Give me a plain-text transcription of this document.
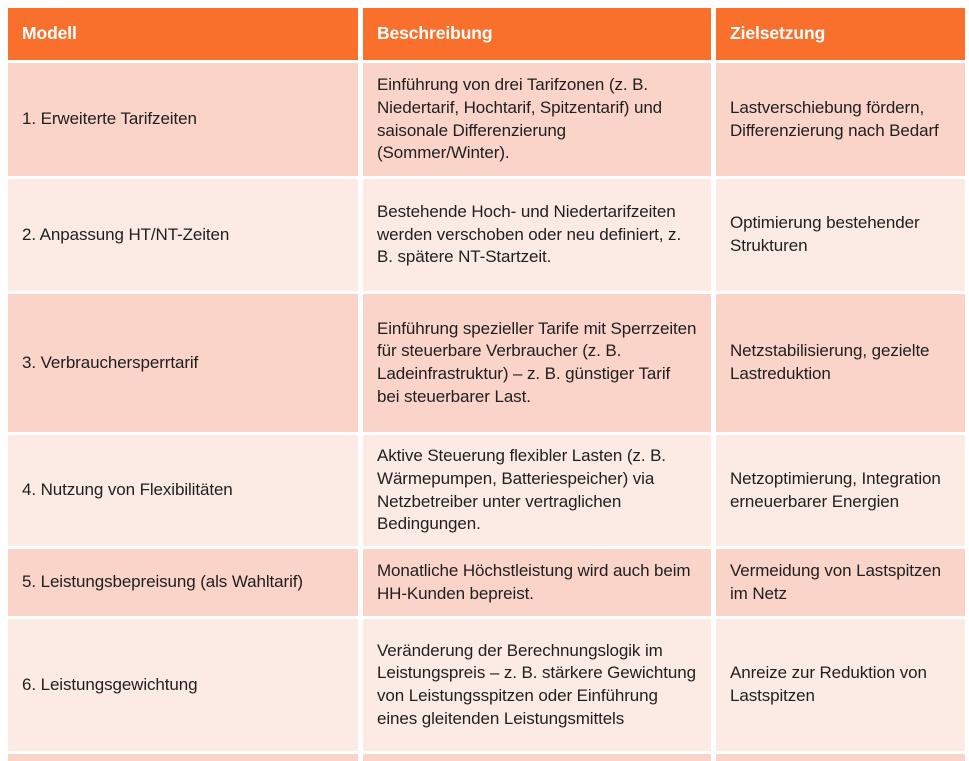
Modell	Beschreibung	Zielsetzung
1. Erweiterte Tarifzeiten
Einführung von drei Tarifzonen (z. B. Niedertarif, Hochtarif, Spitzentarif) und saisonale Differenzierung (Sommer/Winter).
Lastverschiebung fördern, Differenzierung nach Bedarf
2. Anpassung HT/NT-Zeiten
Bestehende Hoch- und Niedertarifzeiten werden verschoben oder neu definiert, z. B. spätere NT-Startzeit.
Optimierung bestehender Strukturen
3. Verbrauchersperrtarif
Einführung spezieller Tarife mit Sperrzeiten für steuerbare Verbraucher (z. B. Ladeinfrastruktur) – z. B. günstiger Tarif bei steuerbarer Last.
Netzstabilisierung, gezielte Lastreduktion
4. Nutzung von Flexibilitäten
Aktive Steuerung flexibler Lasten (z. B. Wärmepumpen, Batteriespeicher) via Netzbetreiber unter vertraglichen Bedingungen.
Netzoptimierung, Integration erneuerbarer Energien
5. Leistungsbepreisung (als Wahltarif)
Monatliche Höchstleistung wird auch beim HH-Kunden bepreist.
Vermeidung von Lastspitzen im Netz
6. Leistungsgewichtung
Veränderung der Berechnungslogik im Leistungspreis – z. B. stärkere Gewichtung von Leistungsspitzen oder Einführung eines gleitenden Leistungsmittels
Anreize zur Reduktion von Lastspitzen
